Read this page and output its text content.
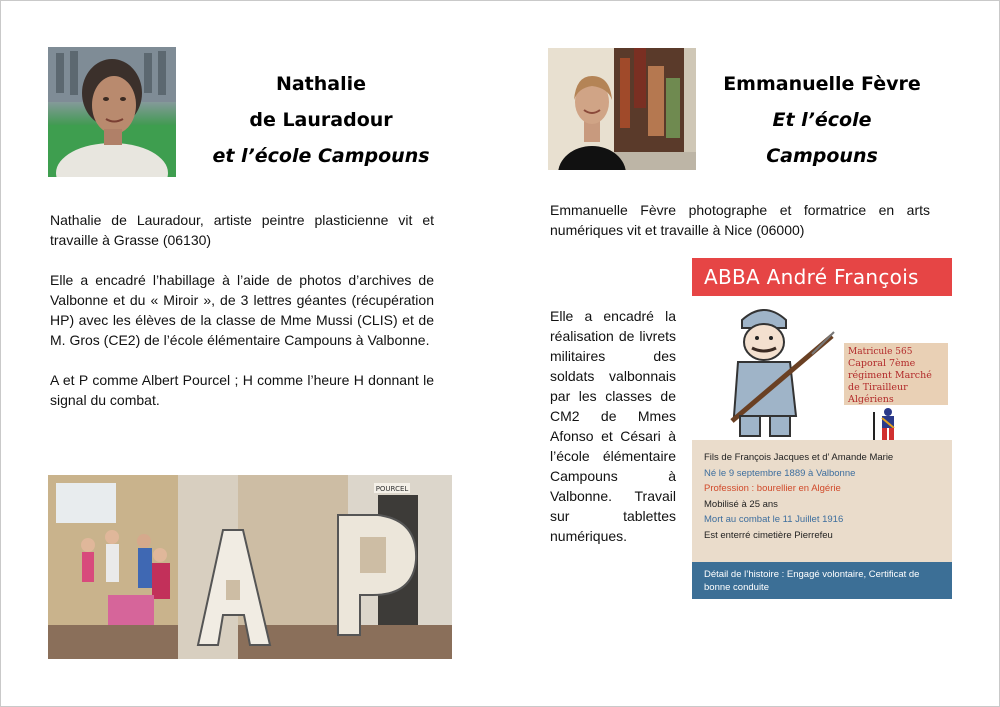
Nathalie
de Lauradour
et l’école Campouns

Nathalie de Lauradour, artiste peintre plasticienne vit et travaille à Grasse (06130)

Elle a encadré l’habillage à l’aide de photos d’archives de Valbonne et du « Miroir », de 3 lettres géantes (récupération HP) avec les élèves de la classe de Mme Mussi (CLIS) et de M. Gros (CE2) de l’école élémentaire Campouns à Valbonne.

A et P comme Albert Pourcel ; H comme l’heure H donnant le signal du combat.

POURCEL
Emmanuelle Fèvre
Et l’école
Campouns
Emmanuelle Fèvre photographe et formatrice en arts numériques vit et travaille à Nice (06000)
Elle a encadré la réalisation de livrets militaires des soldats valbonnais par les classes de CM2 de Mmes Afonso et Césari à l’école élémentaire Campouns à Valbonne. Travail sur tablettes numériques.
ABBA André François
Matricule 565
Caporal 7ème régiment Marché de Tirailleur Algériens
Fils de François Jacques et d’ Amande Marie
Né le 9 septembre 1889 à Valbonne
Profession : bourellier en Algérie
Mobilisé à 25 ans
Mort au combat le 11 Juillet 1916
Est enterré cimetière Pierrefeu
Détail de l’histoire : Engagé volontaire, Certificat de bonne conduite
